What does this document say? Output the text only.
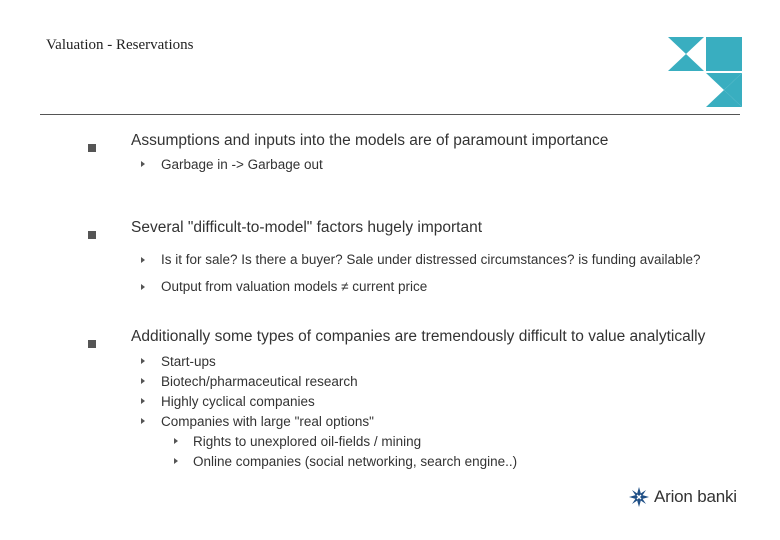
Valuation - Reservations
Assumptions and inputs into the models are of paramount importance
Garbage in -> Garbage out
Several "difficult-to-model" factors hugely important
Is it for sale? Is there a buyer? Sale under distressed circumstances? is funding available?
Output from valuation models ≠ current price
Additionally some types of companies are tremendously difficult to value analytically
Start-ups
Biotech/pharmaceutical research
Highly cyclical companies
Companies with large "real options"
Rights to unexplored oil-fields / mining
Online companies (social networking, search engine..)
Arion banki
